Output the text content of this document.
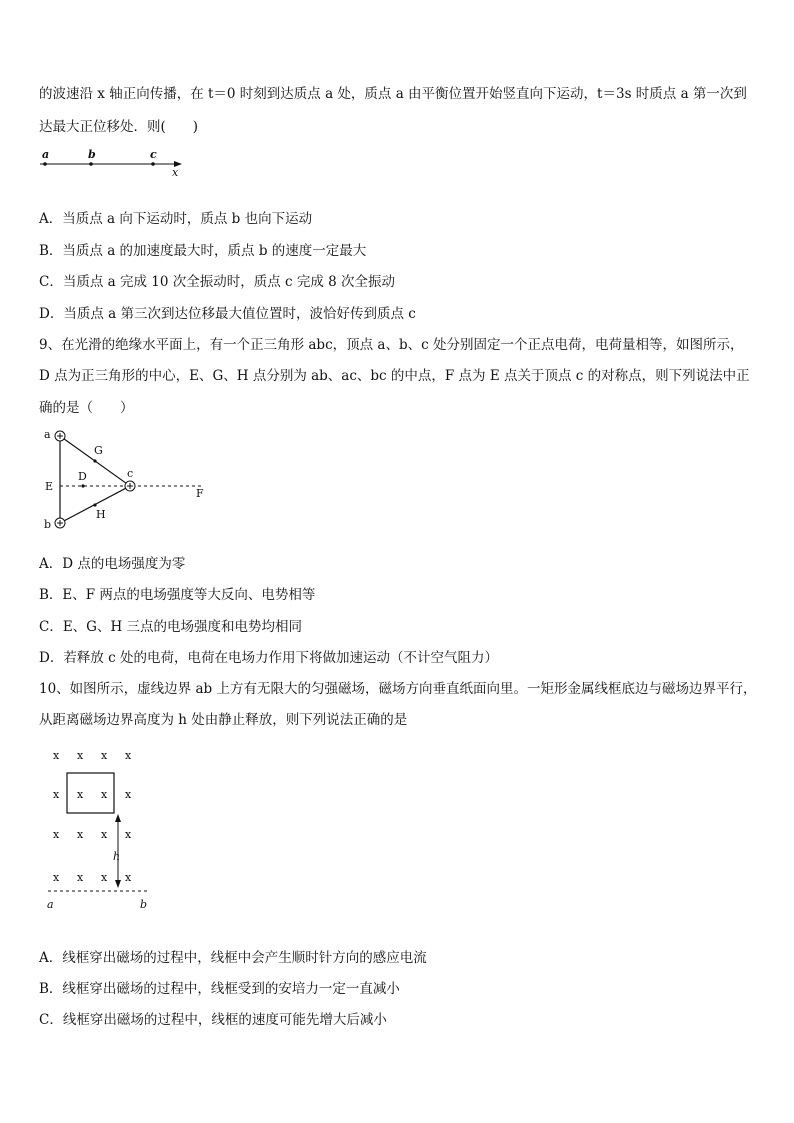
的波速沿 x 轴正向传播，在 t＝0 时刻到达质点 a 处，质点 a 由平衡位置开始竖直向下运动，t＝3s 时质点 a 第一次到
达最大正位移处．则(　　)
a	b	c
x
A．当质点 a 向下运动时，质点 b 也向下运动
B．当质点 a 的加速度最大时，质点 b 的速度一定最大
C．当质点 a 完成 10 次全振动时，质点 c 完成 8 次全振动
D．当质点 a 第三次到达位移最大值位置时，波恰好传到质点 c
9、在光滑的绝缘水平面上，有一个正三角形 abc，顶点 a、b、c 处分别固定一个正点电荷，电荷量相等，如图所示，
D 点为正三角形的中心，E、G、H 点分别为 ab、ac、bc 的中点，F 点为 E 点关于顶点 c 的对称点，则下列说法中正
确的是（　　）
a
G
c
D
E
F
b
H
A．D 点的电场强度为零
B．E、F 两点的电场强度等大反向、电势相等
C．E、G、H 三点的电场强度和电势均相同
D．若释放 c 处的电荷，电荷在电场力作用下将做加速运动（不计空气阻力）
10、如图所示，虚线边界 ab 上方有无限大的匀强磁场，磁场方向垂直纸面向里。一矩形金属线框底边与磁场边界平行，
从距离磁场边界高度为 h 处由静止释放，则下列说法正确的是
x x x x
x	x
x x x x
x x x x
x x
h
a	b
A．线框穿出磁场的过程中，线框中会产生顺时针方向的感应电流
B．线框穿出磁场的过程中，线框受到的安培力一定一直减小
C．线框穿出磁场的过程中，线框的速度可能先增大后减小
